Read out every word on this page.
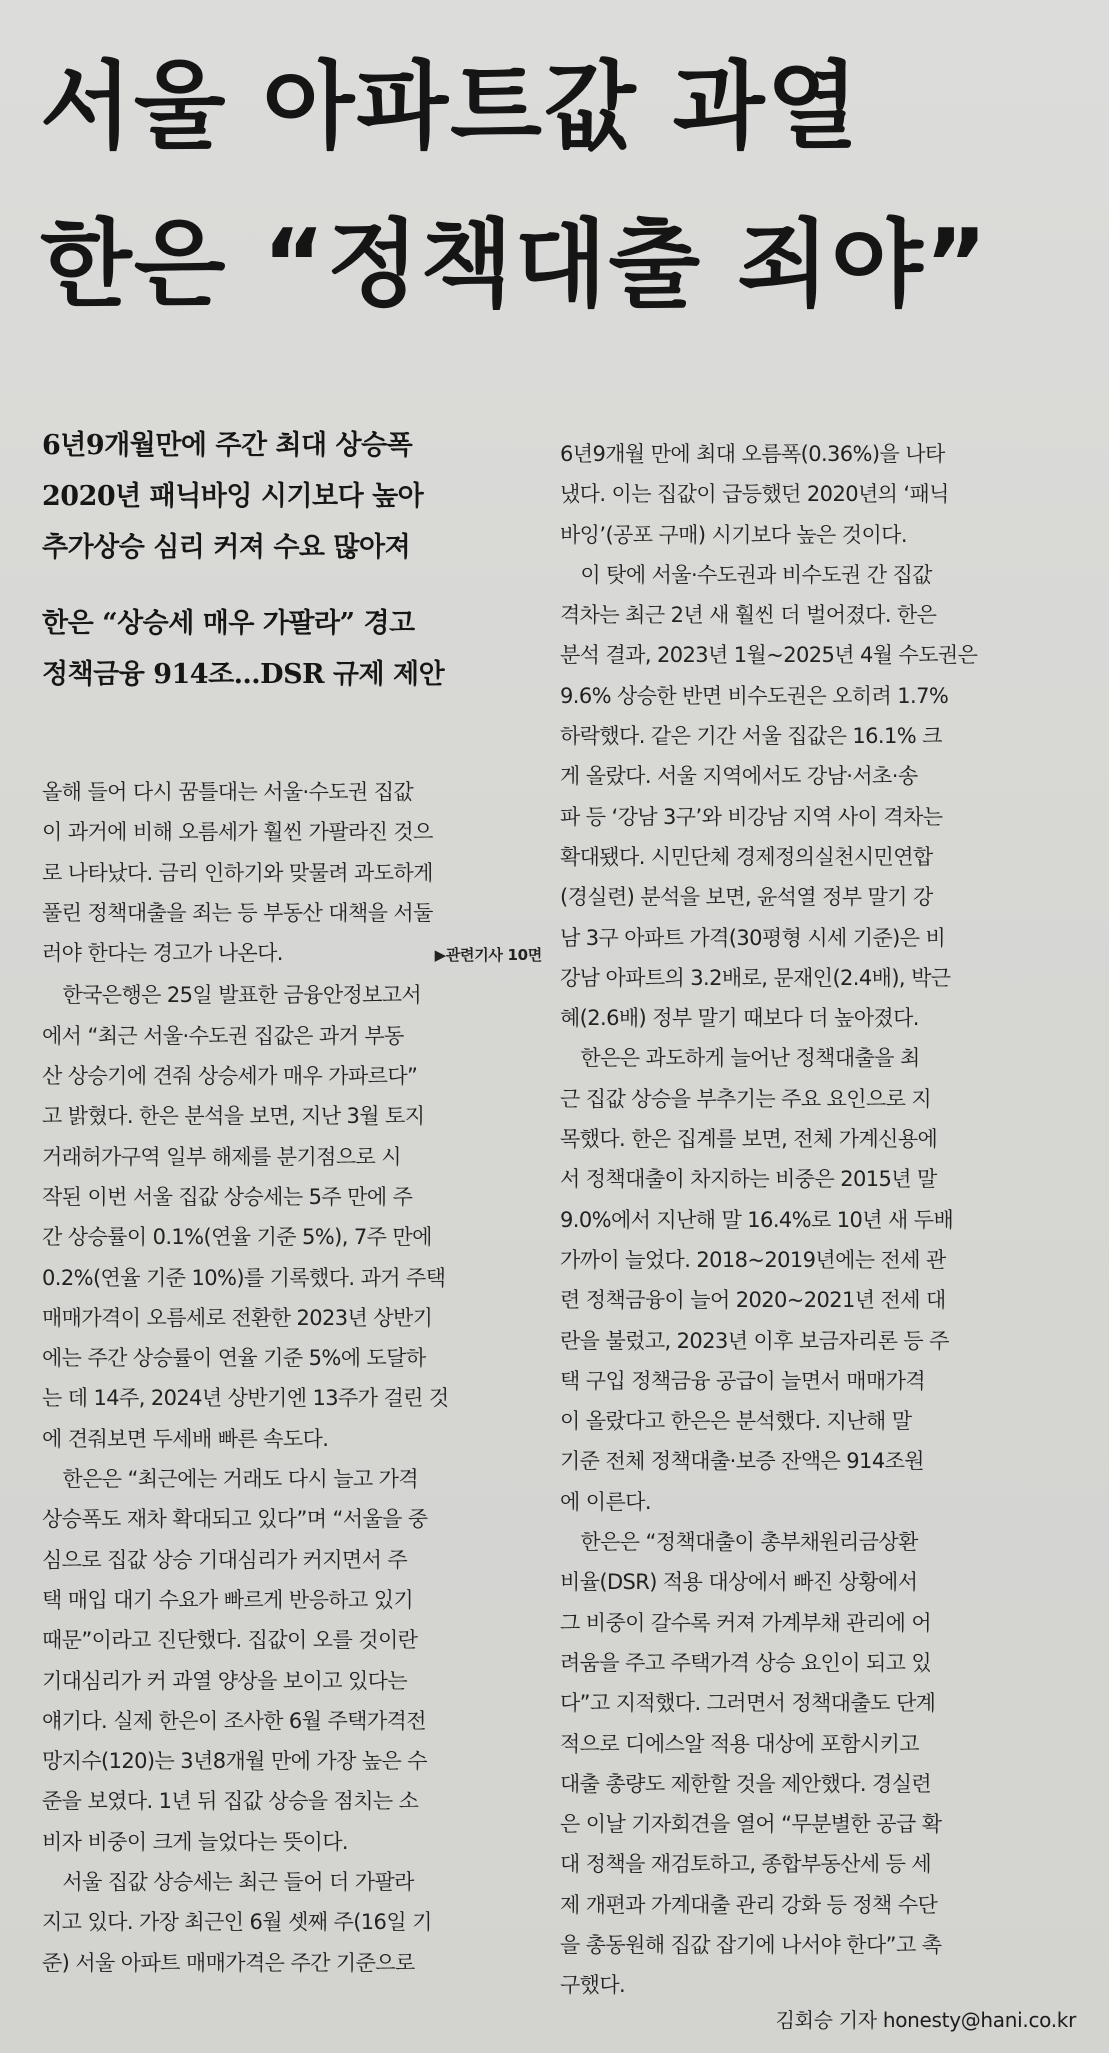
서울 아파트값 과열
한은 “정책대출 죄야”
6년9개월만에 주간 최대 상승폭
2020년 패닉바잉 시기보다 높아
추가상승 심리 커져 수요 많아져
한은 “상승세 매우 가팔라” 경고
정책금융 914조…DSR 규제 제안
올해 들어 다시 꿈틀대는 서울·수도권 집값
이 과거에 비해 오름세가 훨씬 가팔라진 것으
로 나타났다. 금리 인하기와 맞물려 과도하게
풀린 정책대출을 죄는 등 부동산 대책을 서둘
러야 한다는 경고가 나온다.	▶관련기사 10면
　한국은행은 25일 발표한 금융안정보고서
에서 “최근 서울·수도권 집값은 과거 부동
산 상승기에 견줘 상승세가 매우 가파르다”
고 밝혔다. 한은 분석을 보면, 지난 3월 토지
거래허가구역 일부 해제를 분기점으로 시
작된 이번 서울 집값 상승세는 5주 만에 주
간 상승률이 0.1%(연율 기준 5%), 7주 만에
0.2%(연율 기준 10%)를 기록했다. 과거 주택
매매가격이 오름세로 전환한 2023년 상반기
에는 주간 상승률이 연율 기준 5%에 도달하
는 데 14주, 2024년 상반기엔 13주가 걸린 것
에 견줘보면 두세배 빠른 속도다.
　한은은 “최근에는 거래도 다시 늘고 가격
상승폭도 재차 확대되고 있다”며 “서울을 중
심으로 집값 상승 기대심리가 커지면서 주
택 매입 대기 수요가 빠르게 반응하고 있기
때문”이라고 진단했다. 집값이 오를 것이란
기대심리가 커 과열 양상을 보이고 있다는
얘기다. 실제 한은이 조사한 6월 주택가격전
망지수(120)는 3년8개월 만에 가장 높은 수
준을 보였다. 1년 뒤 집값 상승을 점치는 소
비자 비중이 크게 늘었다는 뜻이다.
　서울 집값 상승세는 최근 들어 더 가팔라
지고 있다. 가장 최근인 6월 셋째 주(16일 기
준) 서울 아파트 매매가격은 주간 기준으로
6년9개월 만에 최대 오름폭(0.36%)을 나타
냈다. 이는 집값이 급등했던 2020년의 ‘패닉
바잉’(공포 구매) 시기보다 높은 것이다.
　이 탓에 서울·수도권과 비수도권 간 집값
격차는 최근 2년 새 훨씬 더 벌어졌다. 한은
분석 결과, 2023년 1월~2025년 4월 수도권은
9.6% 상승한 반면 비수도권은 오히려 1.7%
하락했다. 같은 기간 서울 집값은 16.1% 크
게 올랐다. 서울 지역에서도 강남·서초·송
파 등 ‘강남 3구’와 비강남 지역 사이 격차는
확대됐다. 시민단체 경제정의실천시민연합
(경실련) 분석을 보면, 윤석열 정부 말기 강
남 3구 아파트 가격(30평형 시세 기준)은 비
강남 아파트의 3.2배로, 문재인(2.4배), 박근
혜(2.6배) 정부 말기 때보다 더 높아졌다.
　한은은 과도하게 늘어난 정책대출을 최
근 집값 상승을 부추기는 주요 요인으로 지
목했다. 한은 집계를 보면, 전체 가계신용에
서 정책대출이 차지하는 비중은 2015년 말
9.0%에서 지난해 말 16.4%로 10년 새 두배
가까이 늘었다. 2018~2019년에는 전세 관
련 정책금융이 늘어 2020~2021년 전세 대
란을 불렀고, 2023년 이후 보금자리론 등 주
택 구입 정책금융 공급이 늘면서 매매가격
이 올랐다고 한은은 분석했다. 지난해 말
기준 전체 정책대출·보증 잔액은 914조원
에 이른다.
　한은은 “정책대출이 총부채원리금상환
비율(DSR) 적용 대상에서 빠진 상황에서
그 비중이 갈수록 커져 가계부채 관리에 어
려움을 주고 주택가격 상승 요인이 되고 있
다”고 지적했다. 그러면서 정책대출도 단계
적으로 디에스알 적용 대상에 포함시키고
대출 총량도 제한할 것을 제안했다. 경실련
은 이날 기자회견을 열어 “무분별한 공급 확
대 정책을 재검토하고, 종합부동산세 등 세
제 개편과 가계대출 관리 강화 등 정책 수단
을 총동원해 집값 잡기에 나서야 한다”고 촉
구했다.
김회승 기자 honesty@hani.co.kr
